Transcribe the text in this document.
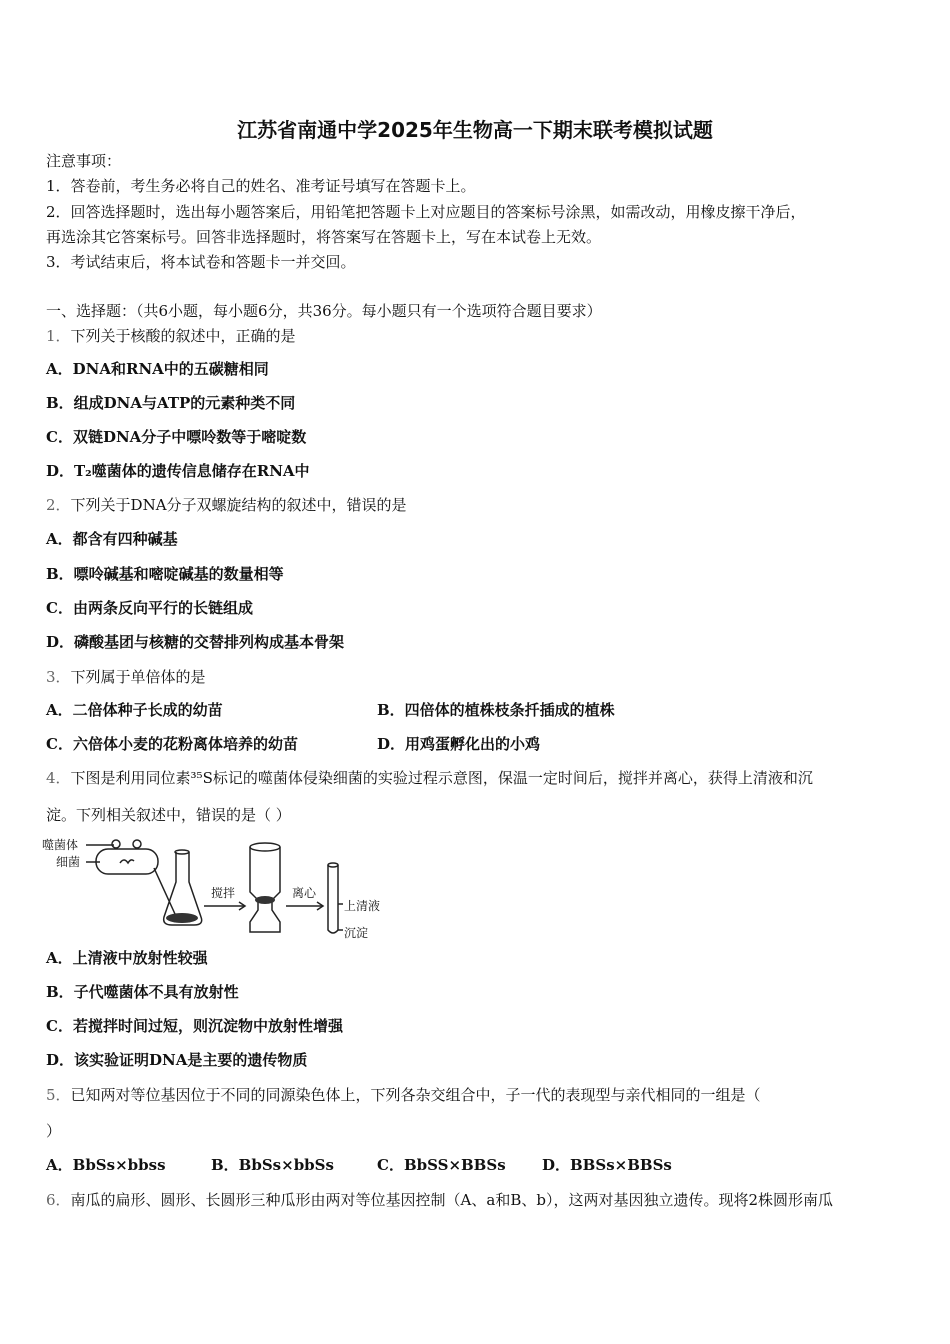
江苏省南通中学2025年生物高一下期末联考模拟试题
注意事项：
1．答卷前，考生务必将自己的姓名、准考证号填写在答题卡上。
2．回答选择题时，选出每小题答案后，用铅笔把答题卡上对应题目的答案标号涂黑，如需改动，用橡皮擦干净后，
再选涂其它答案标号。回答非选择题时，将答案写在答题卡上，写在本试卷上无效。
3．考试结束后，将本试卷和答题卡一并交回。
一、选择题：（共6小题，每小题6分，共36分。每小题只有一个选项符合题目要求）
1．下列关于核酸的叙述中，正确的是
A．DNA和RNA中的五碳糖相同
B．组成DNA与ATP的元素种类不同
C．双链DNA分子中嘌呤数等于嘧啶数
D．T₂噬菌体的遗传信息储存在RNA中
2．下列关于DNA分子双螺旋结构的叙述中，错误的是
A．都含有四种碱基
B．嘌呤碱基和嘧啶碱基的数量相等
C．由两条反向平行的长链组成
D．磷酸基团与核糖的交替排列构成基本骨架
3．下列属于单倍体的是
A．二倍体种子长成的幼苗	B．四倍体的植株枝条扦插成的植株
C．六倍体小麦的花粉离体培养的幼苗	D．用鸡蛋孵化出的小鸡
4．下图是利用同位素³⁵S标记的噬菌体侵染细菌的实验过程示意图，保温一定时间后，搅拌并离心，获得上清液和沉
淀。下列相关叙述中，错误的是（ ）
噬菌体
细菌
搅拌	离心
上清液
沉淀
A．上清液中放射性较强
B．子代噬菌体不具有放射性
C．若搅拌时间过短，则沉淀物中放射性增强
D．该实验证明DNA是主要的遗传物质
5．已知两对等位基因位于不同的同源染色体上，下列各杂交组合中，子一代的表现型与亲代相同的一组是（
）
A．BbSs×bbss	B．BbSs×bbSs	C．BbSS×BBSs D．BBSs×BBSs
6．南瓜的扁形、圆形、长圆形三种瓜形由两对等位基因控制（A、a和B、b），这两对基因独立遗传。现将2株圆形南瓜
